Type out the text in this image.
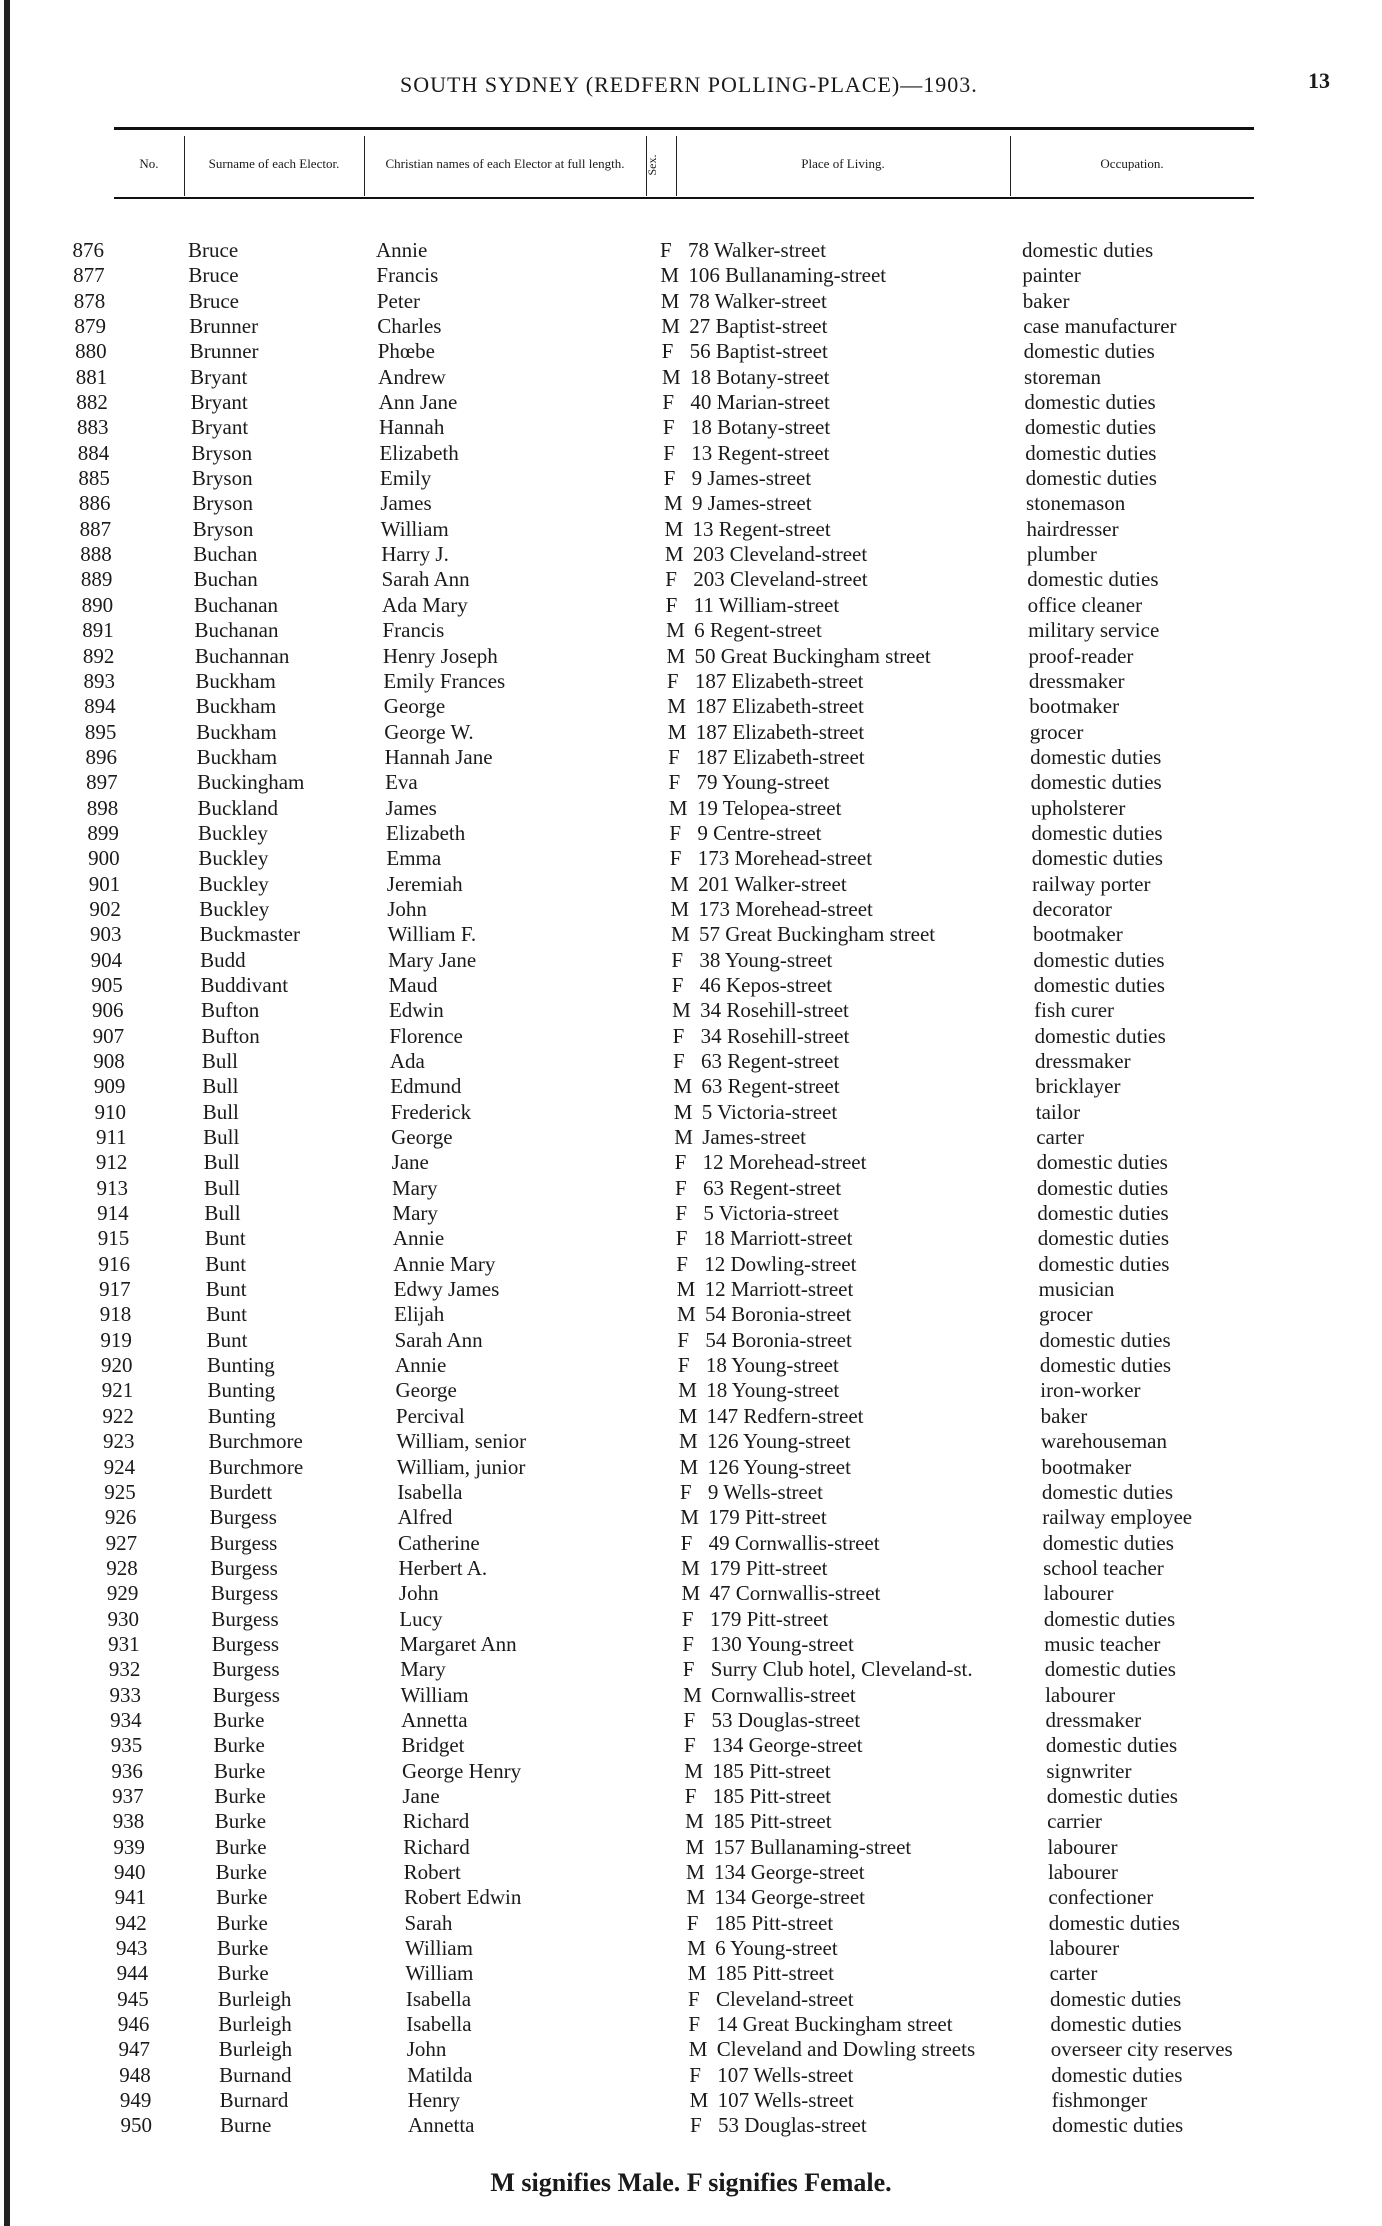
SOUTH SYDNEY (REDFERN POLLING-PLACE)—1903.	13
No.	Surname of each Elector.	Christian names of each Elector at full length.	Sex.	Place of Living.	Occupation.
876	Bruce	Annie	F 78 Walker-street	domestic duties
877	Bruce	Francis	M 106 Bullanaming-street	painter
878	Bruce	Peter	M 78 Walker-street	baker
879	Brunner	Charles	M 27 Baptist-street	case manufacturer
880	Brunner	Phœbe	F 56 Baptist-street	domestic duties
881	Bryant	Andrew	M 18 Botany-street	storeman
882	Bryant	Ann Jane	F 40 Marian-street	domestic duties
883	Bryant	Hannah	F 18 Botany-street	domestic duties
884	Bryson	Elizabeth	F 13 Regent-street	domestic duties
885	Bryson	Emily	F 9 James-street	domestic duties
886	Bryson	James	M 9 James-street	stonemason
887	Bryson	William	M 13 Regent-street	hairdresser
888	Buchan	Harry J.	M 203 Cleveland-street	plumber
889	Buchan	Sarah Ann	F 203 Cleveland-street	domestic duties
890	Buchanan	Ada Mary	F 11 William-street	office cleaner
891	Buchanan	Francis	M 6 Regent-street	military service
892	Buchannan	Henry Joseph	M 50 Great Buckingham street	proof-reader
893	Buckham	Emily Frances	F 187 Elizabeth-street	dressmaker
894	Buckham	George	M 187 Elizabeth-street	bootmaker
895	Buckham	George W.	M 187 Elizabeth-street	grocer
896	Buckham	Hannah Jane	F 187 Elizabeth-street	domestic duties
897	Buckingham	Eva	F 79 Young-street	domestic duties
898	Buckland	James	M 19 Telopea-street	upholsterer
899	Buckley	Elizabeth	F 9 Centre-street	domestic duties
900	Buckley	Emma	F 173 Morehead-street	domestic duties
901	Buckley	Jeremiah	M 201 Walker-street	railway porter
902	Buckley	John	M 173 Morehead-street	decorator
903	Buckmaster	William F.	M 57 Great Buckingham street	bootmaker
904	Budd	Mary Jane	F 38 Young-street	domestic duties
905	Buddivant	Maud	F 46 Kepos-street	domestic duties
906	Bufton	Edwin	M 34 Rosehill-street	fish curer
907	Bufton	Florence	F 34 Rosehill-street	domestic duties
908	Bull	Ada	F 63 Regent-street	dressmaker
909	Bull	Edmund	M 63 Regent-street	bricklayer
910	Bull	Frederick	M 5 Victoria-street	tailor
911	Bull	George	M James-street	carter
912	Bull	Jane	F 12 Morehead-street	domestic duties
913	Bull	Mary	F 63 Regent-street	domestic duties
914	Bull	Mary	F 5 Victoria-street	domestic duties
915	Bunt	Annie	F 18 Marriott-street	domestic duties
916	Bunt	Annie Mary	F 12 Dowling-street	domestic duties
917	Bunt	Edwy James	M 12 Marriott-street	musician
918	Bunt	Elijah	M 54 Boronia-street	grocer
919	Bunt	Sarah Ann	F 54 Boronia-street	domestic duties
920	Bunting	Annie	F 18 Young-street	domestic duties
921	Bunting	George	M 18 Young-street	iron-worker
922	Bunting	Percival	M 147 Redfern-street	baker
923	Burchmore	William, senior	M 126 Young-street	warehouseman
924	Burchmore	William, junior	M 126 Young-street	bootmaker
925	Burdett	Isabella	F 9 Wells-street	domestic duties
926	Burgess	Alfred	M 179 Pitt-street	railway employee
927	Burgess	Catherine	F 49 Cornwallis-street	domestic duties
928	Burgess	Herbert A.	M 179 Pitt-street	school teacher
929	Burgess	John	M 47 Cornwallis-street	labourer
930	Burgess	Lucy	F 179 Pitt-street	domestic duties
931	Burgess	Margaret Ann	F 130 Young-street	music teacher
932	Burgess	Mary	F Surry Club hotel, Cleveland-st.	domestic duties
933	Burgess	William	M Cornwallis-street	labourer
934	Burke	Annetta	F 53 Douglas-street	dressmaker
935	Burke	Bridget	F 134 George-street	domestic duties
936	Burke	George Henry	M 185 Pitt-street	signwriter
937	Burke	Jane	F 185 Pitt-street	domestic duties
938	Burke	Richard	M 185 Pitt-street	carrier
939	Burke	Richard	M 157 Bullanaming-street	labourer
940	Burke	Robert	M 134 George-street	labourer
941	Burke	Robert Edwin	M 134 George-street	confectioner
942	Burke	Sarah	F 185 Pitt-street	domestic duties
943	Burke	William	M 6 Young-street	labourer
944	Burke	William	M 185 Pitt-street	carter
945	Burleigh	Isabella	F Cleveland-street	domestic duties
946	Burleigh	Isabella	F 14 Great Buckingham street	domestic duties
947	Burleigh	John	M Cleveland and Dowling streets	overseer city reserves
948	Burnand	Matilda	F 107 Wells-street	domestic duties
949	Burnard	Henry	M 107 Wells-street	fishmonger
950	Burne	Annetta	F 53 Douglas-street	domestic duties
M signifies Male. F signifies Female.
